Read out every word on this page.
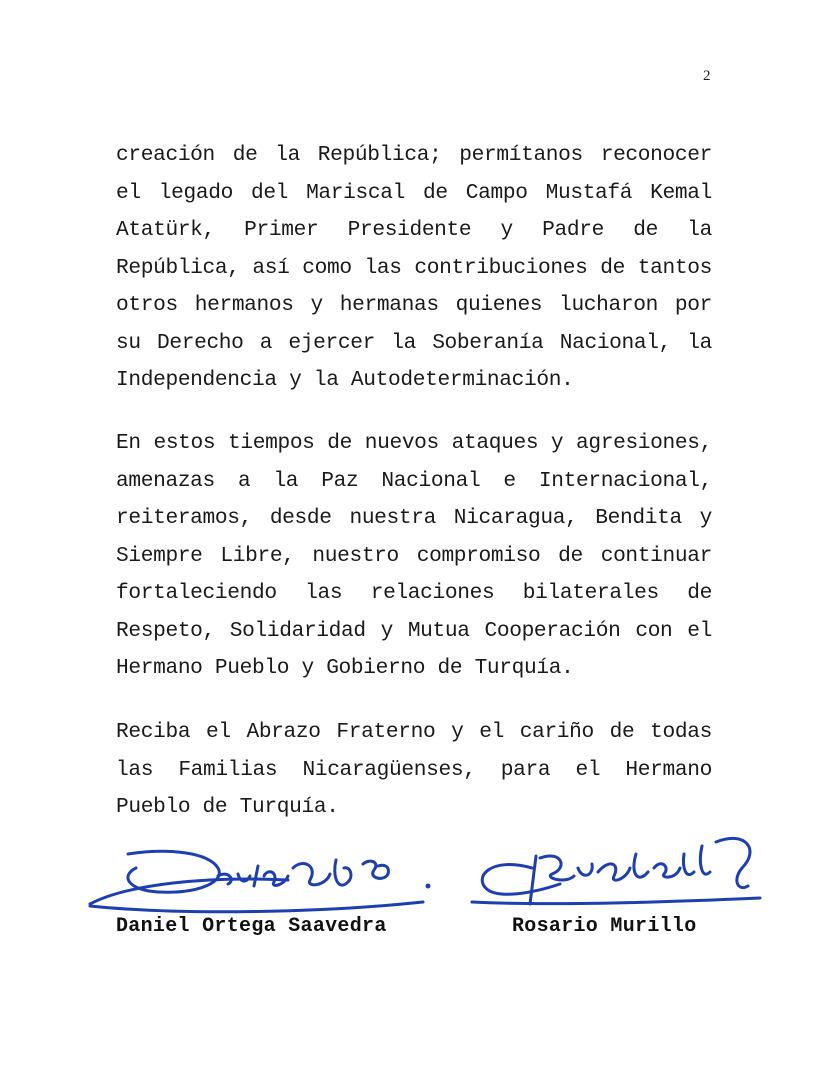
2

creación de la República; permítanos reconocer el legado del Mariscal de Campo Mustafá Kemal Atatürk, Primer Presidente y Padre de la República, así como las contribuciones de tantos otros hermanos y hermanas quienes lucharon por su Derecho a ejercer la Soberanía Nacional, la Independencia y la Autodeterminación.

En estos tiempos de nuevos ataques y agresiones, amenazas a la Paz Nacional e Internacional, reiteramos, desde nuestra Nicaragua, Bendita y Siempre Libre, nuestro compromiso de continuar fortaleciendo las relaciones bilaterales de Respeto, Solidaridad y Mutua Cooperación con el Hermano Pueblo y Gobierno de Turquía.

Reciba el Abrazo Fraterno y el cariño de todas las Familias Nicaragüenses, para el Hermano Pueblo de Turquía.

Daniel Ortega Saavedra	Rosario Murillo
